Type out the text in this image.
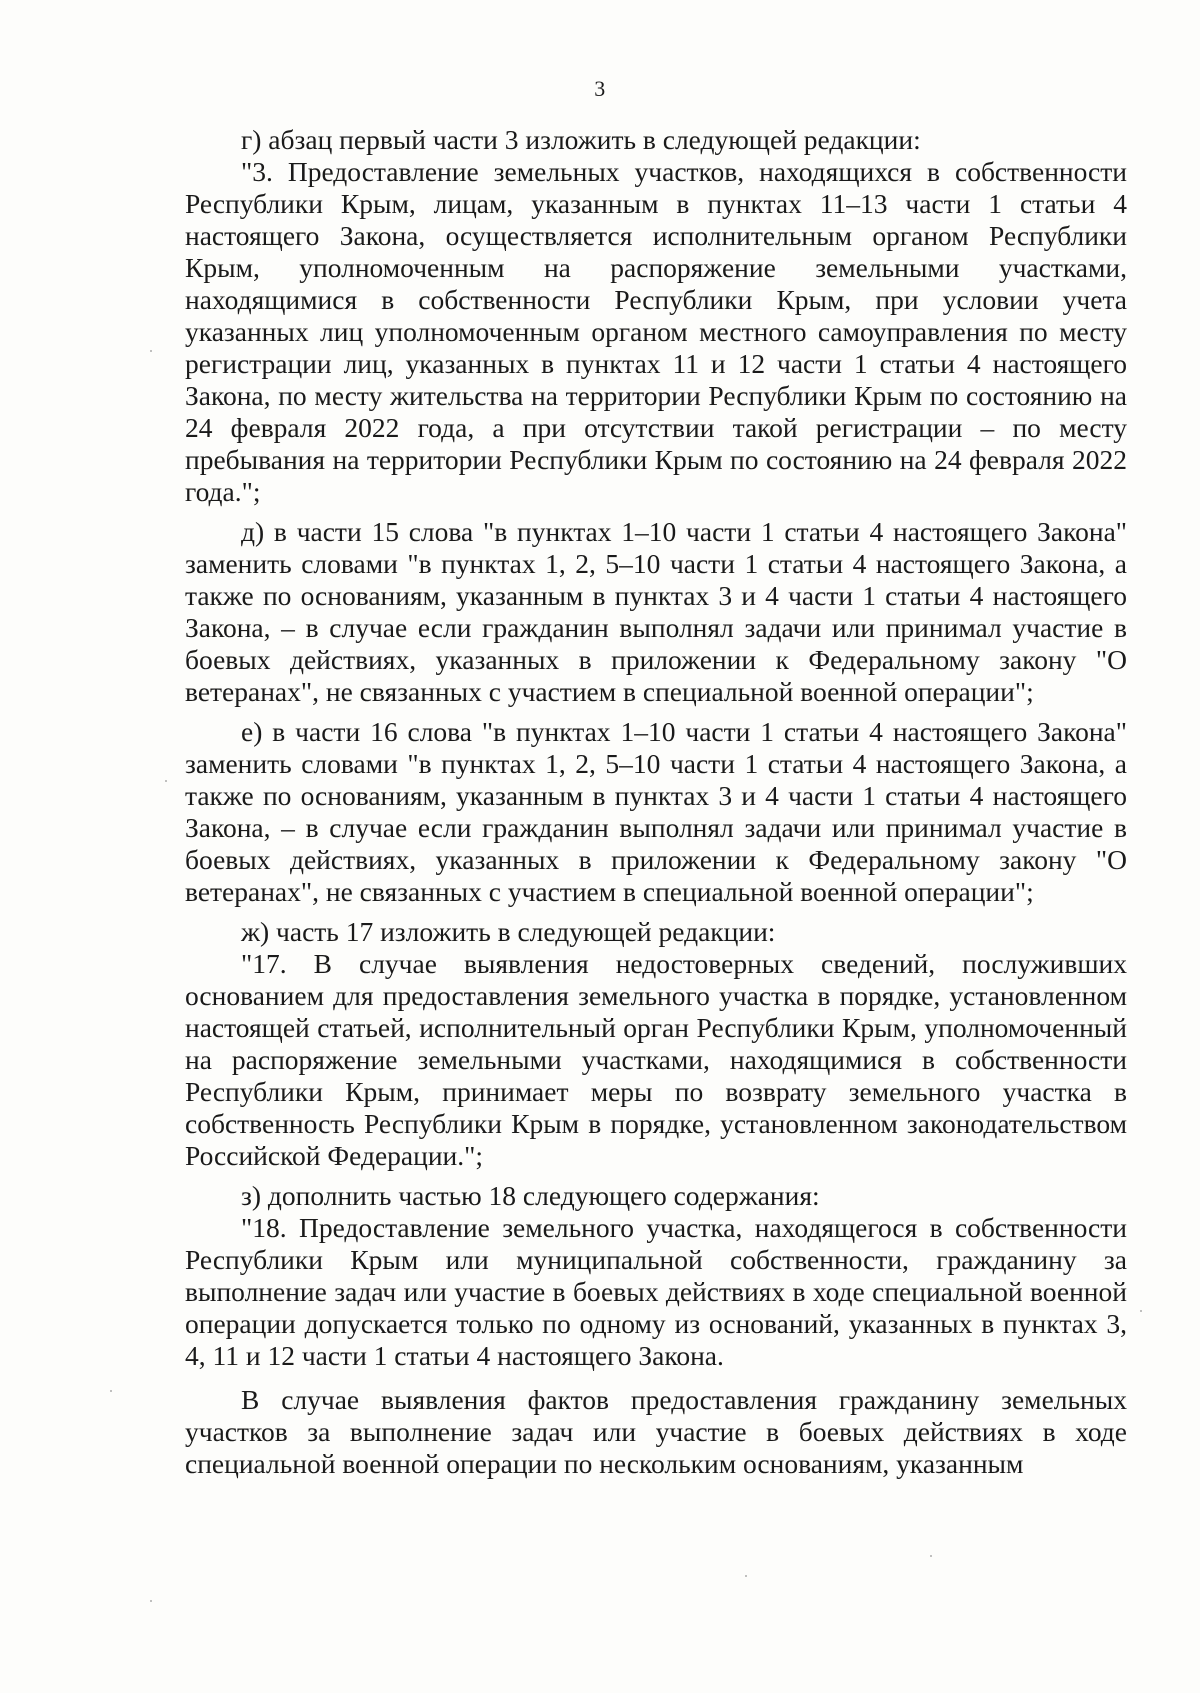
3

г) абзац первый части 3 изложить в следующей редакции:

"3. Предоставление земельных участков, находящихся в собственности Республики Крым, лицам, указанным в пунктах 11–13 части 1 статьи 4 настоящего Закона, осуществляется исполнительным органом Республики Крым, уполномоченным на распоряжение земельными участками, находящимися в собственности Республики Крым, при условии учета указанных лиц уполномоченным органом местного самоуправления по месту регистрации лиц, указанных в пунктах 11 и 12 части 1 статьи 4 настоящего Закона, по месту жительства на территории Республики Крым по состоянию на 24 февраля 2022 года, а при отсутствии такой регистрации – по месту пребывания на территории Республики Крым по состоянию на 24 февраля 2022 года.";

д) в части 15 слова "в пунктах 1–10 части 1 статьи 4 настоящего Закона" заменить словами "в пунктах 1, 2, 5–10 части 1 статьи 4 настоящего Закона, а также по основаниям, указанным в пунктах 3 и 4 части 1 статьи 4 настоящего Закона, – в случае если гражданин выполнял задачи или принимал участие в боевых действиях, указанных в приложении к Федеральному закону "О ветеранах", не связанных с участием в специальной военной операции";

е) в части 16 слова "в пунктах 1–10 части 1 статьи 4 настоящего Закона" заменить словами "в пунктах 1, 2, 5–10 части 1 статьи 4 настоящего Закона, а также по основаниям, указанным в пунктах 3 и 4 части 1 статьи 4 настоящего Закона, – в случае если гражданин выполнял задачи или принимал участие в боевых действиях, указанных в приложении к Федеральному закону "О ветеранах", не связанных с участием в специальной военной операции";

ж) часть 17 изложить в следующей редакции:

"17. В случае выявления недостоверных сведений, послуживших основанием для предоставления земельного участка в порядке, установленном настоящей статьей, исполнительный орган Республики Крым, уполномоченный на распоряжение земельными участками, находящимися в собственности Республики Крым, принимает меры по возврату земельного участка в собственность Республики Крым в порядке, установленном законодательством Российской Федерации.";

з) дополнить частью 18 следующего содержания:

"18. Предоставление земельного участка, находящегося в собственности Республики Крым или муниципальной собственности, гражданину за выполнение задач или участие в боевых действиях в ходе специальной военной операции допускается только по одному из оснований, указанных в пунктах 3, 4, 11 и 12 части 1 статьи 4 настоящего Закона.

В случае выявления фактов предоставления гражданину земельных участков за выполнение задач или участие в боевых действиях в ходе специальной военной операции по нескольким основаниям, указанным
